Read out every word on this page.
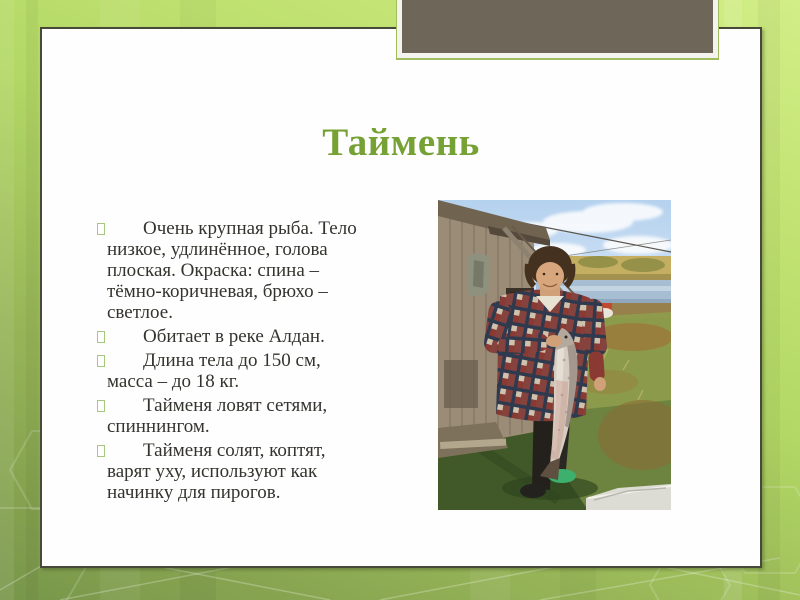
Таймень
Очень крупная рыба. Тело
низкое, удлинённое, голова
плоская. Окраска: спина –
тёмно-коричневая, брюхо –
светлое.
Обитает в реке Алдан.
Длина тела до 150 см,
масса – до 18 кг.
Тайменя ловят сетями,
спиннингом.
Тайменя солят, коптят,
варят уху, используют как
начинку для пирогов.
